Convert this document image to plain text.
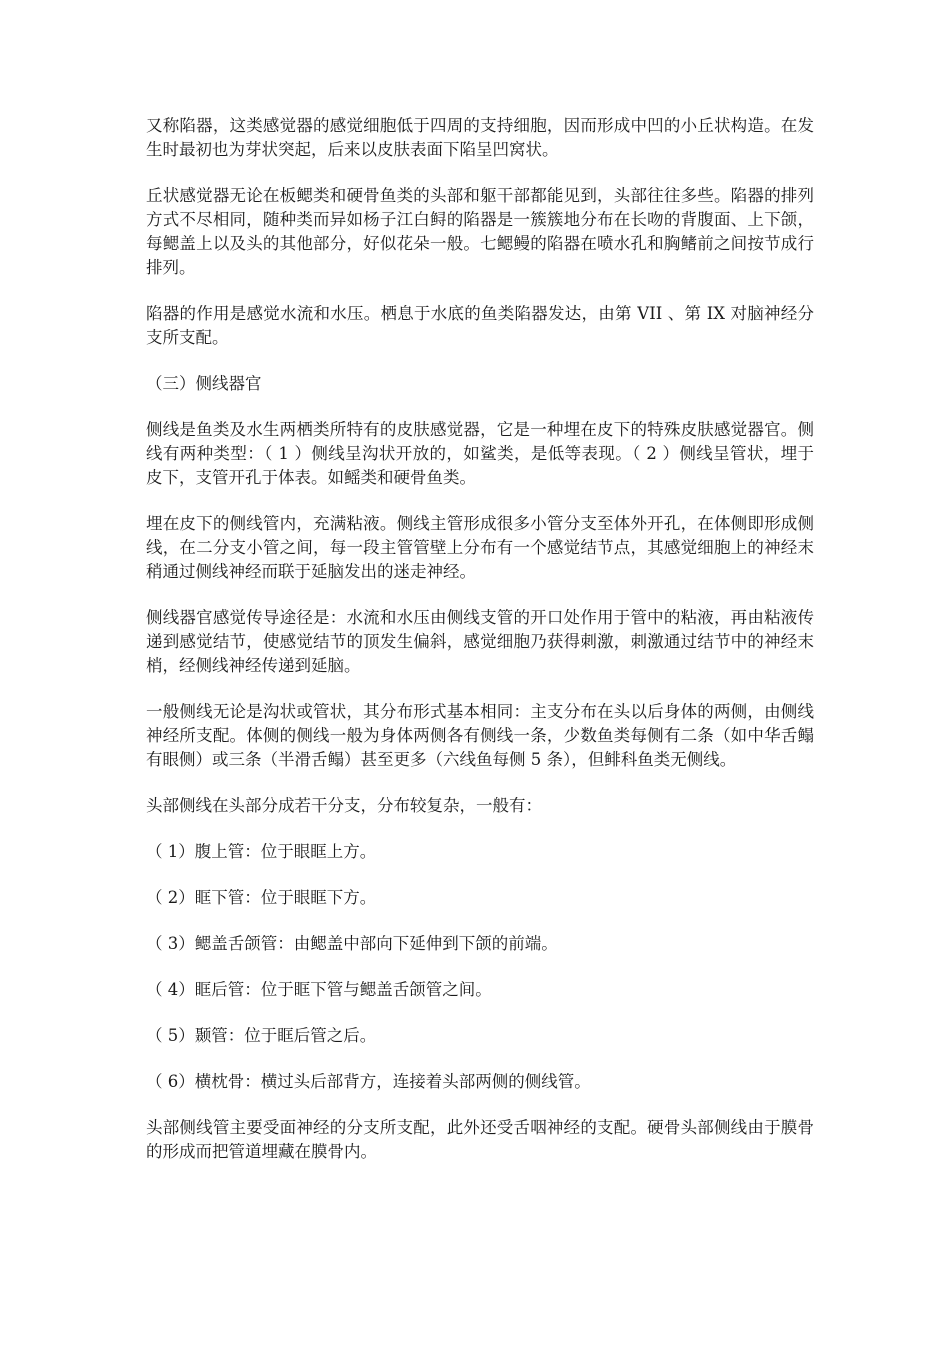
又称陷器，这类感觉器的感觉细胞低于四周的支持细胞，因而形成中凹的小丘状构造。在发生时最初也为芽状突起，后来以皮肤表面下陷呈凹窝状。

丘状感觉器无论在板鳃类和硬骨鱼类的头部和躯干部都能见到，头部往往多些。陷器的排列方式不尽相同，随种类而异如杨子江白鲟的陷器是一簇簇地分布在长吻的背腹面、上下颌，每鳃盖上以及头的其他部分，好似花朵一般。七鳃鳗的陷器在喷水孔和胸鳍前之间按节成行排列。

陷器的作用是感觉水流和水压。栖息于水底的鱼类陷器发达，由第 VII 、第 IX 对脑神经分支所支配。

（三）侧线器官

侧线是鱼类及水生两栖类所特有的皮肤感觉器，它是一种埋在皮下的特殊皮肤感觉器官。侧线有两种类型：（ 1 ）侧线呈沟状开放的，如鲨类，是低等表现。（ 2 ）侧线呈管状，埋于皮下，支管开孔于体表。如鳐类和硬骨鱼类。

埋在皮下的侧线管内，充满粘液。侧线主管形成很多小管分支至体外开孔，在体侧即形成侧线，在二分支小管之间，每一段主管管壁上分布有一个感觉结节点，其感觉细胞上的神经末稍通过侧线神经而联于延脑发出的迷走神经。

侧线器官感觉传导途径是：水流和水压由侧线支管的开口处作用于管中的粘液，再由粘液传递到感觉结节，使感觉结节的顶发生偏斜，感觉细胞乃获得刺激，刺激通过结节中的神经末梢，经侧线神经传递到延脑。

一般侧线无论是沟状或管状，其分布形式基本相同：主支分布在头以后身体的两侧，由侧线神经所支配。体侧的侧线一般为身体两侧各有侧线一条，少数鱼类每侧有二条（如中华舌鳎有眼侧）或三条（半滑舌鳎）甚至更多（六线鱼每侧 5 条），但鲱科鱼类无侧线。

头部侧线在头部分成若干分支，分布较复杂，一般有：

（ 1）腹上管：位于眼眶上方。

（ 2）眶下管：位于眼眶下方。

（ 3）鳃盖舌颌管：由鳃盖中部向下延伸到下颌的前端。

（ 4）眶后管：位于眶下管与鳃盖舌颌管之间。

（ 5）颞管：位于眶后管之后。

（ 6）横枕骨：横过头后部背方，连接着头部两侧的侧线管。

头部侧线管主要受面神经的分支所支配，此外还受舌咽神经的支配。硬骨头部侧线由于膜骨的形成而把管道埋藏在膜骨内。
